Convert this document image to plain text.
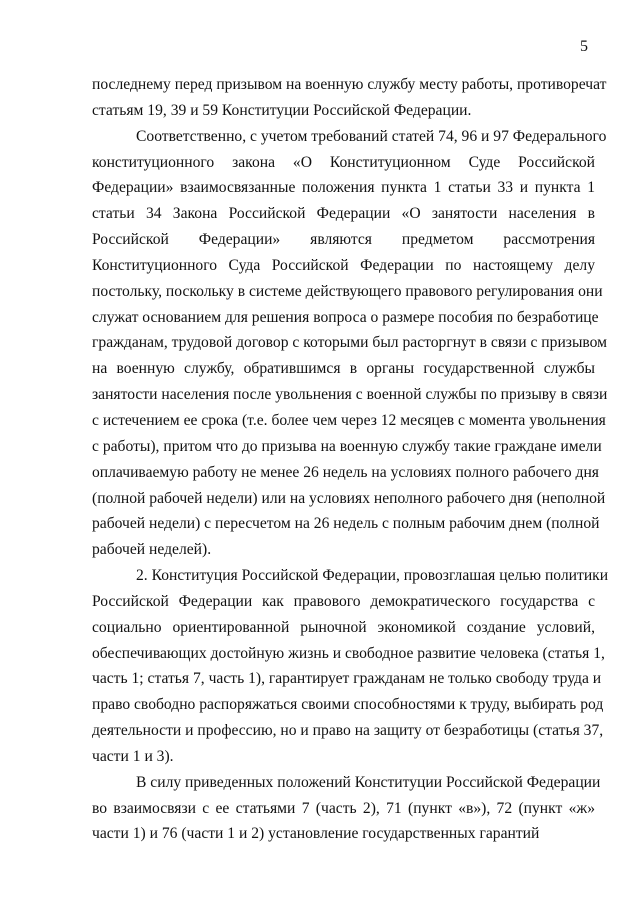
5
последнему перед призывом на военную службу месту работы, противоречат
статьям 19, 39 и 59 Конституции Российской Федерации.
Соответственно, с учетом требований статей 74, 96 и 97 Федерального
конституционного закона «О Конституционном Суде Российской
Федерации» взаимосвязанные положения пункта 1 статьи 33 и пункта 1
статьи 34 Закона Российской Федерации «О занятости населения в
Российской Федерации» являются предметом рассмотрения
Конституционного Суда Российской Федерации по настоящему делу
постольку, поскольку в системе действующего правового регулирования они
служат основанием для решения вопроса о размере пособия по безработице
гражданам, трудовой договор с которыми был расторгнут в связи с призывом
на военную службу, обратившимся в органы государственной службы
занятости населения после увольнения с военной службы по призыву в связи
с истечением ее срока (т.е. более чем через 12 месяцев с момента увольнения
с работы), притом что до призыва на военную службу такие граждане имели
оплачиваемую работу не менее 26 недель на условиях полного рабочего дня
(полной рабочей недели) или на условиях неполного рабочего дня (неполной
рабочей недели) с пересчетом на 26 недель с полным рабочим днем (полной
рабочей неделей).
2. Конституция Российской Федерации, провозглашая целью политики
Российской Федерации как правового демократического государства с
социально ориентированной рыночной экономикой создание условий,
обеспечивающих достойную жизнь и свободное развитие человека (статья 1,
часть 1; статья 7, часть 1), гарантирует гражданам не только свободу труда и
право свободно распоряжаться своими способностями к труду, выбирать род
деятельности и профессию, но и право на защиту от безработицы (статья 37,
части 1 и 3).
В силу приведенных положений Конституции Российской Федерации
во взаимосвязи с ее статьями 7 (часть 2), 71 (пункт «в»), 72 (пункт «ж»
части 1) и 76 (части 1 и 2) установление государственных гарантий
